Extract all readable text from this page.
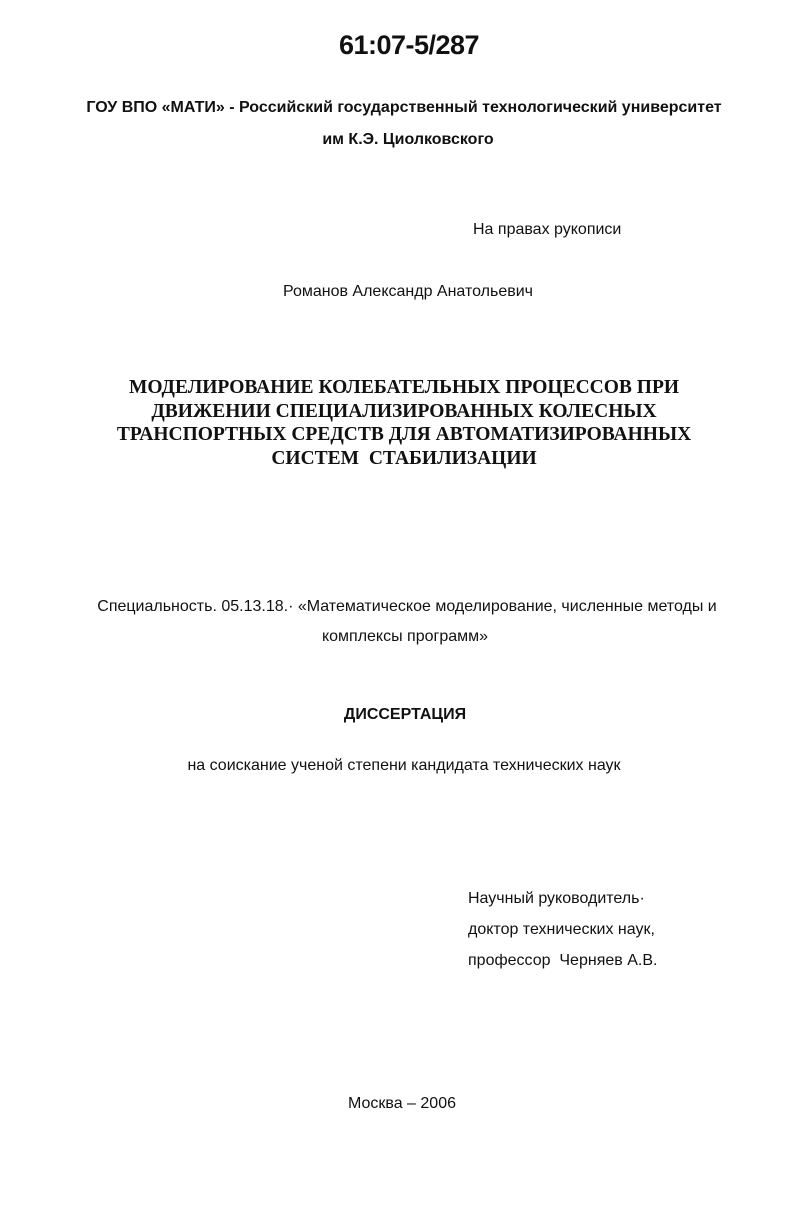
61:07-5/287
ГОУ ВПО «МАТИ» - Российский государственный технологический университет
им К.Э. Циолковского
На правах рукописи
Романов Александр Анатольевич
МОДЕЛИРОВАНИЕ КОЛЕБАТЕЛЬНЫХ ПРОЦЕССОВ ПРИ
ДВИЖЕНИИ СПЕЦИАЛИЗИРОВАННЫХ КОЛЕСНЫХ
ТРАНСПОРТНЫХ СРЕДСТВ ДЛЯ АВТОМАТИЗИРОВАННЫХ
СИСТЕМ  СТАБИЛИЗАЦИИ
Специальность. 05.13.18.· «Математическое моделирование, численные методы и
комплексы программ»
ДИССЕРТАЦИЯ
на соискание ученой степени кандидата технических наук
Научный руководитель·
доктор технических наук,
профессор  Черняев А.В.
Москва – 2006
